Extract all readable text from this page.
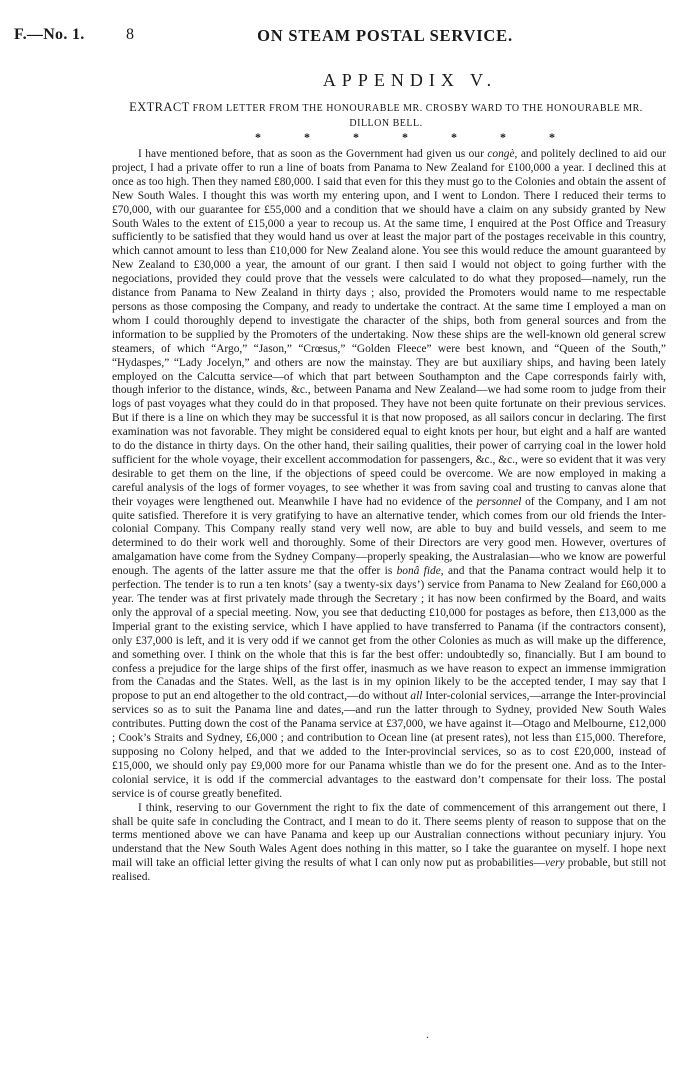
F.—No. 1.	8	ON STEAM POSTAL SERVICE.
APPENDIX V.
EXTRACT FROM LETTER FROM THE HONOURABLE MR. CROSBY WARD TO THE HONOURABLE MR. DILLON BELL.
*	*	*	*	*	*	*

I have mentioned before, that as soon as the Government had given us our congè, and politely declined to aid our project, I had a private offer to run a line of boats from Panama to New Zealand for £100,000 a year. I declined this at once as too high. Then they named £80,000. I said that even for this they must go to the Colonies and obtain the assent of New South Wales. I thought this was worth my entering upon, and I went to London. There I reduced their terms to £70,000, with our guarantee for £55,000 and a condition that we should have a claim on any subsidy granted by New South Wales to the extent of £15,000 a year to recoup us. At the same time, I enquired at the Post Office and Treasury sufficiently to be satisfied that they would hand us over at least the major part of the postages receivable in this country, which cannot amount to less than £10,000 for New Zealand alone. You see this would reduce the amount guaranteed by New Zealand to £30,000 a year, the amount of our grant. I then said I would not object to going further with the negociations, provided they could prove that the vessels were calculated to do what they proposed—namely, run the distance from Panama to New Zealand in thirty days ; also, provided the Promoters would name to me respectable persons as those composing the Company, and ready to undertake the contract. At the same time I employed a man on whom I could thoroughly depend to investigate the character of the ships, both from general sources and from the information to be supplied by the Promoters of the undertaking. Now these ships are the well-known old general screw steamers, of which “Argo,” “Jason,” “Crœsus,” “Golden Fleece” were best known, and “Queen of the South,” “Hydaspes,” “Lady Jocelyn,” and others are now the mainstay. They are but auxiliary ships, and having been lately employed on the Calcutta service—of which that part between Southampton and the Cape corresponds fairly with, though inferior to the distance, winds, &c., between Panama and New Zealand—we had some room to judge from their logs of past voyages what they could do in that proposed. They have not been quite fortunate on their previous services. But if there is a line on which they may be successful it is that now proposed, as all sailors concur in declaring. The first examination was not favorable. They might be considered equal to eight knots per hour, but eight and a half are wanted to do the distance in thirty days. On the other hand, their sailing qualities, their power of carrying coal in the lower hold sufficient for the whole voyage, their excellent accommodation for passengers, &c., &c., were so evident that it was very desirable to get them on the line, if the objections of speed could be overcome. We are now employed in making a careful analysis of the logs of former voyages, to see whether it was from saving coal and trusting to canvas alone that their voyages were lengthened out. Meanwhile I have had no evidence of the personnel of the Company, and I am not quite satisfied. Therefore it is very gratifying to have an alternative tender, which comes from our old friends the Inter-colonial Company. This Company really stand very well now, are able to buy and build vessels, and seem to me determined to do their work well and thoroughly. Some of their Directors are very good men. However, overtures of amalgamation have come from the Sydney Company—properly speaking, the Australasian—who we know are powerful enough. The agents of the latter assure me that the offer is bonâ fide, and that the Panama contract would help it to perfection. The tender is to run a ten knots’ (say a twenty-six days’) service from Panama to New Zealand for £60,000 a year. The tender was at first privately made through the Secretary ; it has now been confirmed by the Board, and waits only the approval of a special meeting. Now, you see that deducting £10,000 for postages as before, then £13,000 as the Imperial grant to the existing service, which I have applied to have transferred to Panama (if the contractors consent), only £37,000 is left, and it is very odd if we cannot get from the other Colonies as much as will make up the difference, and something over. I think on the whole that this is far the best offer: undoubtedly so, financially. But I am bound to confess a prejudice for the large ships of the first offer, inasmuch as we have reason to expect an immense immigration from the Canadas and the States. Well, as the last is in my opinion likely to be the accepted tender, I may say that I propose to put an end altogether to the old contract,—do without all Inter-colonial services,—arrange the Inter-provincial services so as to suit the Panama line and dates,—and run the latter through to Sydney, provided New South Wales contributes. Putting down the cost of the Panama service at £37,000, we have against it—Otago and Melbourne, £12,000 ; Cook’s Straits and Sydney, £6,000 ; and contribution to Ocean line (at present rates), not less than £15,000. Therefore, supposing no Colony helped, and that we added to the Inter-provincial services, so as to cost £20,000, instead of £15,000, we should only pay £9,000 more for our Panama whistle than we do for the present one. And as to the Inter-colonial service, it is odd if the commercial advantages to the eastward don’t compensate for their loss. The postal service is of course greatly benefited.

I think, reserving to our Government the right to fix the date of commencement of this arrangement out there, I shall be quite safe in concluding the Contract, and I mean to do it. There seems plenty of reason to suppose that on the terms mentioned above we can have Panama and keep up our Australian connections without pecuniary injury. You understand that the New South Wales Agent does nothing in this matter, so I take the guarantee on myself. I hope next mail will take an official letter giving the results of what I can only now put as probabilities—very probable, but still not realised.

.
